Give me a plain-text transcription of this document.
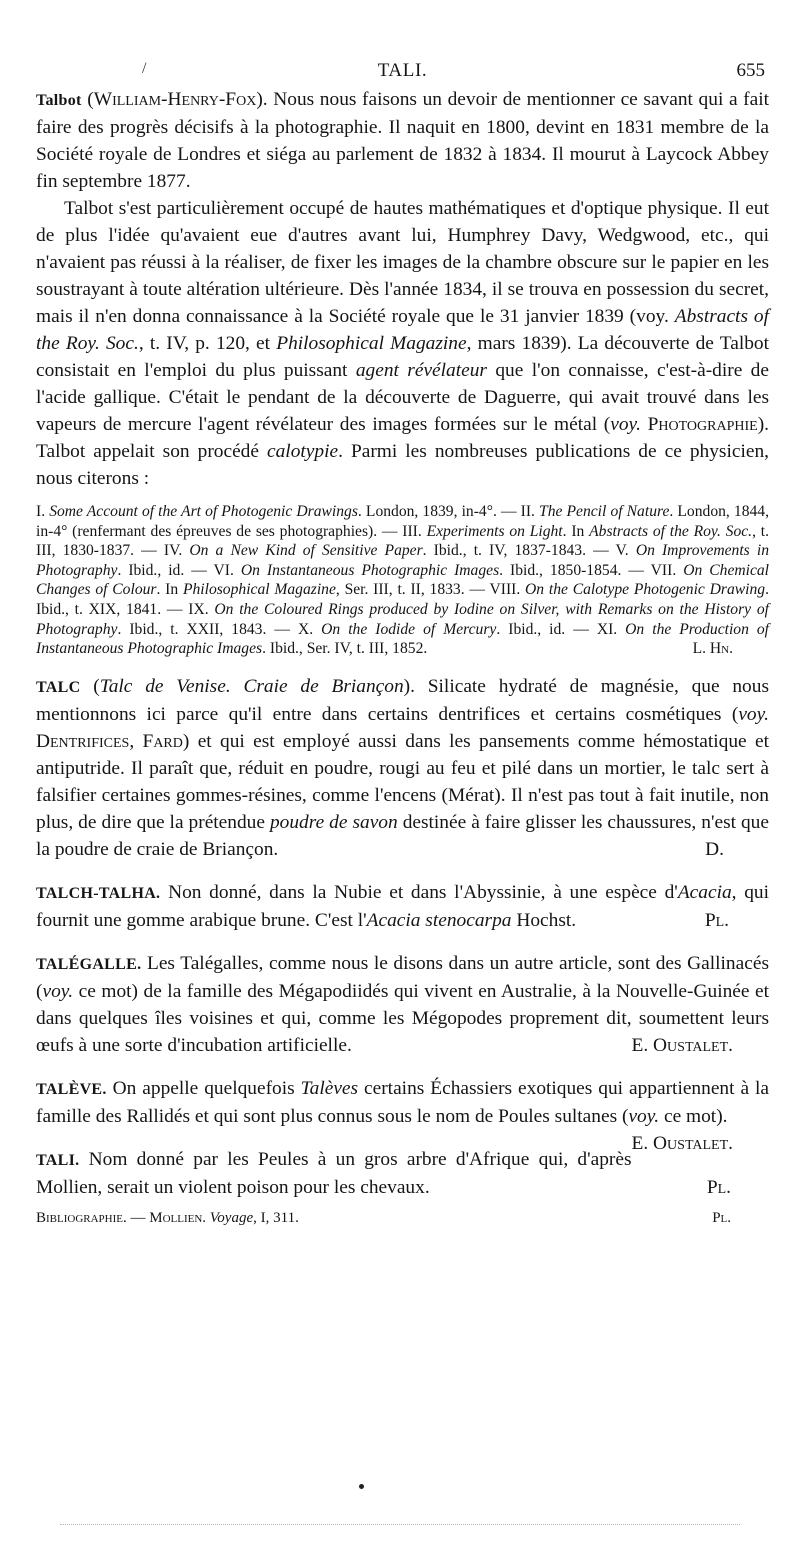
/	TALI.	655

Talbot (William-Henry-Fox). Nous nous faisons un devoir de mentionner ce savant qui a fait faire des progrès décisifs à la photographie. Il naquit en 1800, devint en 1831 membre de la Société royale de Londres et siéga au parlement de 1832 à 1834. Il mourut à Laycock Abbey fin septembre 1877.

Talbot s'est particulièrement occupé de hautes mathématiques et d'optique physique. Il eut de plus l'idée qu'avaient eue d'autres avant lui, Humphrey Davy, Wedgwood, etc., qui n'avaient pas réussi à la réaliser, de fixer les images de la chambre obscure sur le papier en les soustrayant à toute altération ultérieure. Dès l'année 1834, il se trouva en possession du secret, mais il n'en donna connaissance à la Société royale que le 31 janvier 1839 (voy. Abstracts of the Roy. Soc., t. IV, p. 120, et Philosophical Magazine, mars 1839). La découverte de Talbot consistait en l'emploi du plus puissant agent révélateur que l'on connaisse, c'est-à-dire de l'acide gallique. C'était le pendant de la découverte de Daguerre, qui avait trouvé dans les vapeurs de mercure l'agent révélateur des images formées sur le métal (voy. Photographie). Talbot appelait son procédé calotypie. Parmi les nombreuses publications de ce physicien, nous citerons :

I. Some Account of the Art of Photogenic Drawings. London, 1839, in-4°. — II. The Pencil of Nature. London, 1844, in-4° (renfermant des épreuves de ses photographies). — III. Experiments on Light. In Abstracts of the Roy. Soc., t. III, 1830-1837. — IV. On a New Kind of Sensitive Paper. Ibid., t. IV, 1837-1843. — V. On Improvements in Photography. Ibid., id. — VI. On Instantaneous Photographic Images. Ibid., 1850-1854. — VII. On Chemical Changes of Colour. In Philosophical Magazine, Ser. III, t. II, 1833. — VIII. On the Calotype Photogenic Drawing. Ibid., t. XIX, 1841. — IX. On the Coloured Rings produced by Iodine on Silver, with Remarks on the History of Photography. Ibid., t. XXII, 1843. — X. On the Iodide of Mercury. Ibid., id. — XI. On the Production of Instantaneous Photographic Images. Ibid., Ser. IV, t. III, 1852.	L. Hn.

TALC (Talc de Venise. Craie de Briançon). Silicate hydraté de magnésie, que nous mentionnons ici parce qu'il entre dans certains dentrifices et certains cosmétiques (voy. Dentrifices, Fard) et qui est employé aussi dans les pansements comme hémostatique et antiputride. Il paraît que, réduit en poudre, rougi au feu et pilé dans un mortier, le talc sert à falsifier certaines gommes-résines, comme l'encens (Mérat). Il n'est pas tout à fait inutile, non plus, de dire que la prétendue poudre de savon destinée à faire glisser les chaussures, n'est que la poudre de craie de Briançon.	D.

TALCH-TALHA. Non donné, dans la Nubie et dans l'Abyssinie, à une espèce d'Acacia, qui fournit une gomme arabique brune. C'est l'Acacia stenocarpa Hochst.	Pl.

TALÉGALLE. Les Talégalles, comme nous le disons dans un autre article, sont des Gallinacés (voy. ce mot) de la famille des Mégapodiidés qui vivent en Australie, à la Nouvelle-Guinée et dans quelques îles voisines et qui, comme les Mégopodes proprement dit, soumettent leurs œufs à une sorte d'incubation artificielle.	E. Oustalet.

TALÈVE. On appelle quelquefois Talèves certains Échassiers exotiques qui appartiennent à la famille des Rallidés et qui sont plus connus sous le nom de Poules sultanes (voy. ce mot).
E. Oustalet.

TALI. Nom donné par les Peules à un gros arbre d'Afrique qui, d'après Mollien, serait un violent poison pour les chevaux.	Pl.

Bibliographie. — Mollien. Voyage, I, 311.	Pl.
